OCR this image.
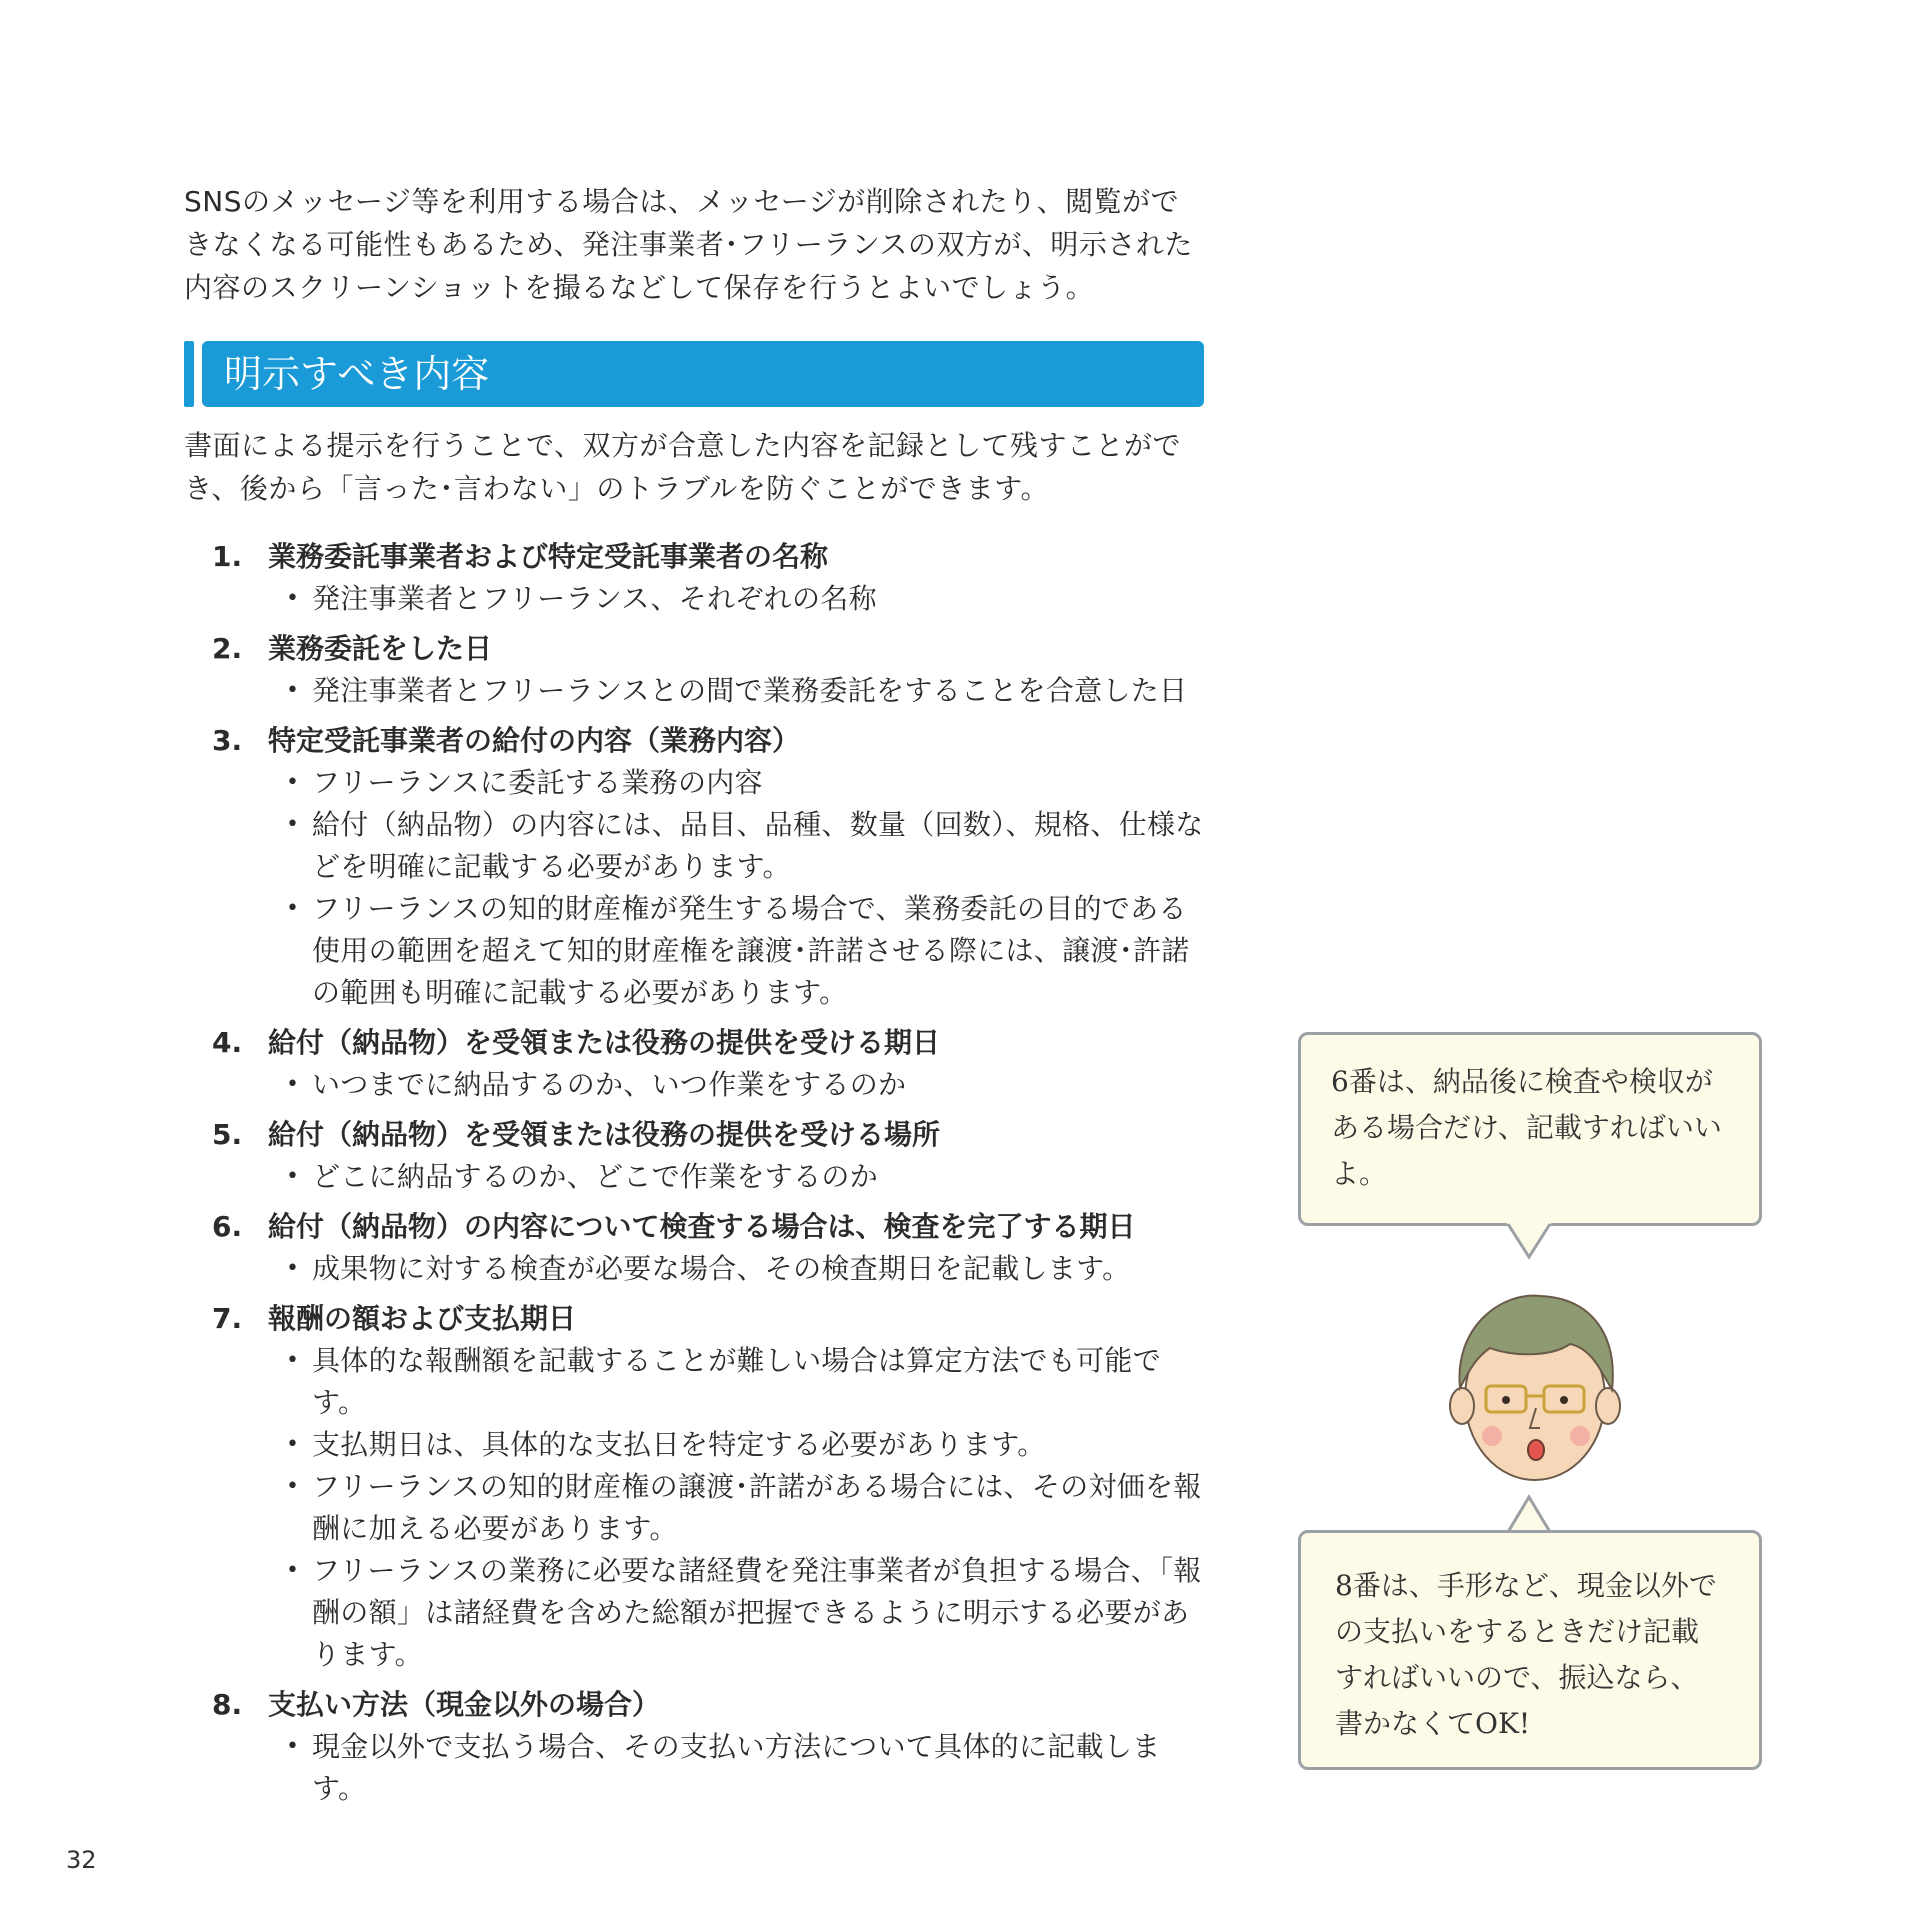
SNSのメッセージ等を利用する場合は、メッセージが削除されたり、閲覧ができなくなる可能性もあるため、発注事業者･フリーランスの双方が、明示された内容のスクリーンショットを撮るなどして保存を行うとよいでしょう。

明示すべき内容

書面による提示を行うことで、双方が合意した内容を記録として残すことができ、後から「言った･言わない」のトラブルを防ぐことができます。

1. 業務委託事業者および特定受託事業者の名称
• 発注事業者とフリーランス、それぞれの名称
2. 業務委託をした日
• 発注事業者とフリーランスとの間で業務委託をすることを合意した日
3. 特定受託事業者の給付の内容（業務内容）
• フリーランスに委託する業務の内容
• 給付（納品物）の内容には、品目、品種、数量（回数）、規格、仕様などを明確に記載する必要があります。
• フリーランスの知的財産権が発生する場合で、業務委託の目的である使用の範囲を超えて知的財産権を譲渡･許諾させる際には、譲渡･許諾の範囲も明確に記載する必要があります。
4. 給付（納品物）を受領または役務の提供を受ける期日
• いつまでに納品するのか、いつ作業をするのか
5. 給付（納品物）を受領または役務の提供を受ける場所
• どこに納品するのか、どこで作業をするのか
6. 給付（納品物）の内容について検査する場合は、検査を完了する期日
• 成果物に対する検査が必要な場合、その検査期日を記載します。
7. 報酬の額および支払期日
• 具体的な報酬額を記載することが難しい場合は算定方法でも可能です。
• 支払期日は、具体的な支払日を特定する必要があります。
• フリーランスの知的財産権の譲渡･許諾がある場合には、その対価を報酬に加える必要があります。
• フリーランスの業務に必要な諸経費を発注事業者が負担する場合、「報酬の額」は諸経費を含めた総額が把握できるように明示する必要があります。
8. 支払い方法（現金以外の場合）
• 現金以外で支払う場合、その支払い方法について具体的に記載します。
6番は、納品後に検査や検収がある場合だけ、記載すればいいよ。
8番は、手形など、現金以外での支払いをするときだけ記載すればいいので、振込なら、書かなくてOK!
32
